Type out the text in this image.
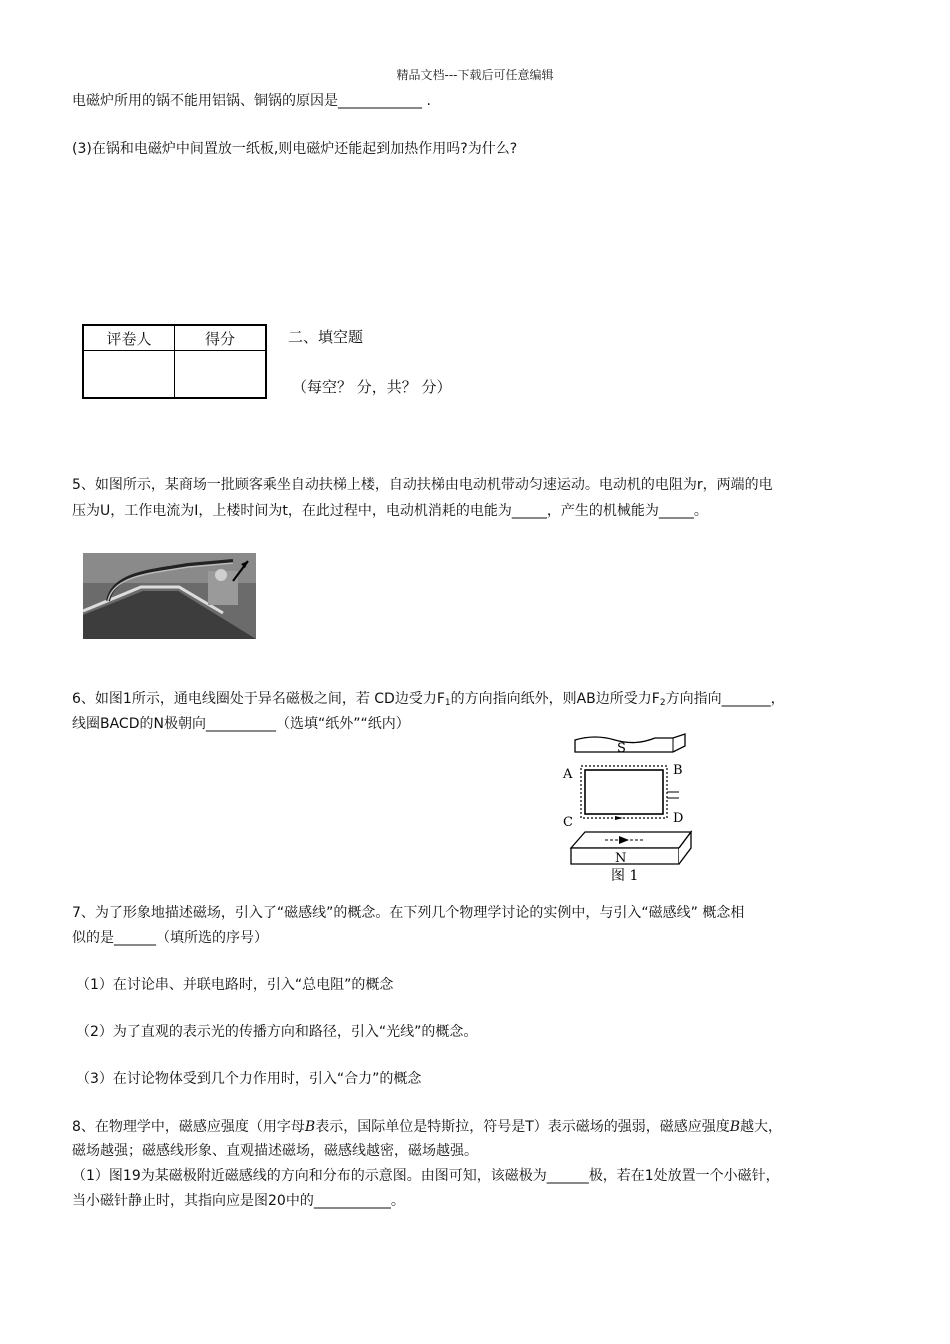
精品文档---下载后可任意编辑
电磁炉所用的锅不能用铝锅、铜锅的原因是____________ .
(3)在锅和电磁炉中间置放一纸板,则电磁炉还能起到加热作用吗?为什么?
评卷人	得分
		二、填空题
（每空？ 分，共？ 分）
5、如图所示，某商场一批顾客乘坐自动扶梯上楼，自动扶梯由电动机带动匀速运动。电动机的电阻为r，两端的电
压为U，工作电流为I，上楼时间为t，在此过程中，电动机消耗的电能为_____，产生的机械能为_____。
6、如图1所示，通电线圈处于异名磁极之间，若 CD边受力$F_1$的方向指向纸外，则AB边所受力$F_2$方向指向_______，
线圈BACD的N极朝向__________（选填“纸外”“纸内）
S
A	B
C	D
N
图 1
7、为了形象地描述磁场，引入了“磁感线”的概念。在下列几个物理学讨论的实例中，与引入“磁感线” 概念相
似的是______（填所选的序号）
（1）在讨论串、并联电路时，引入“总电阻”的概念
（2）为了直观的表示光的传播方向和路径，引入“光线”的概念。
（3）在讨论物体受到几个力作用时，引入“合力”的概念
8、在物理学中，磁感应强度（用字母B表示，国际单位是特斯拉，符号是T）表示磁场的强弱，磁感应强度B越大，
磁场越强；磁感线形象、直观描述磁场，磁感线越密，磁场越强。
（1）图19为某磁极附近磁感线的方向和分布的示意图。由图可知，该磁极为______极，若在1处放置一个小磁针，
当小磁针静止时，其指向应是图20中的___________。
